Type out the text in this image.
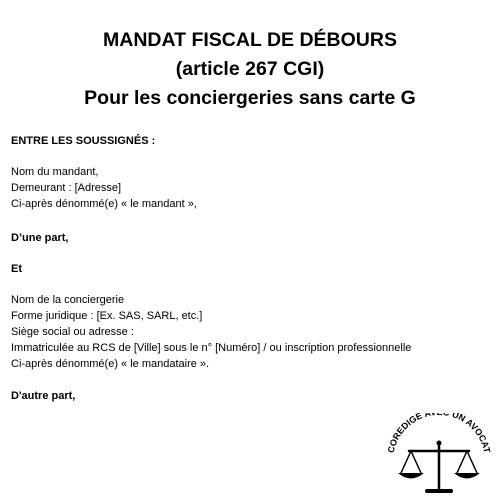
MANDAT FISCAL DE DÉBOURS

(article 267 CGI)

Pour les conciergeries sans carte G

ENTRE LES SOUSSIGNÉS :

Nom du mandant,

Demeurant : [Adresse]

Ci-après dénommé(e) « le mandant »,

D’une part,

Et

Nom de la conciergerie

Forme juridique : [Ex. SAS, SARL, etc.]

Siège social ou adresse :

Immatriculée au RCS de [Ville] sous le n° [Numéro] / ou inscription professionnelle

Ci-après dénommé(e) « le mandataire ».

D'autre part,

COREDIGE A UN AVOCAT
